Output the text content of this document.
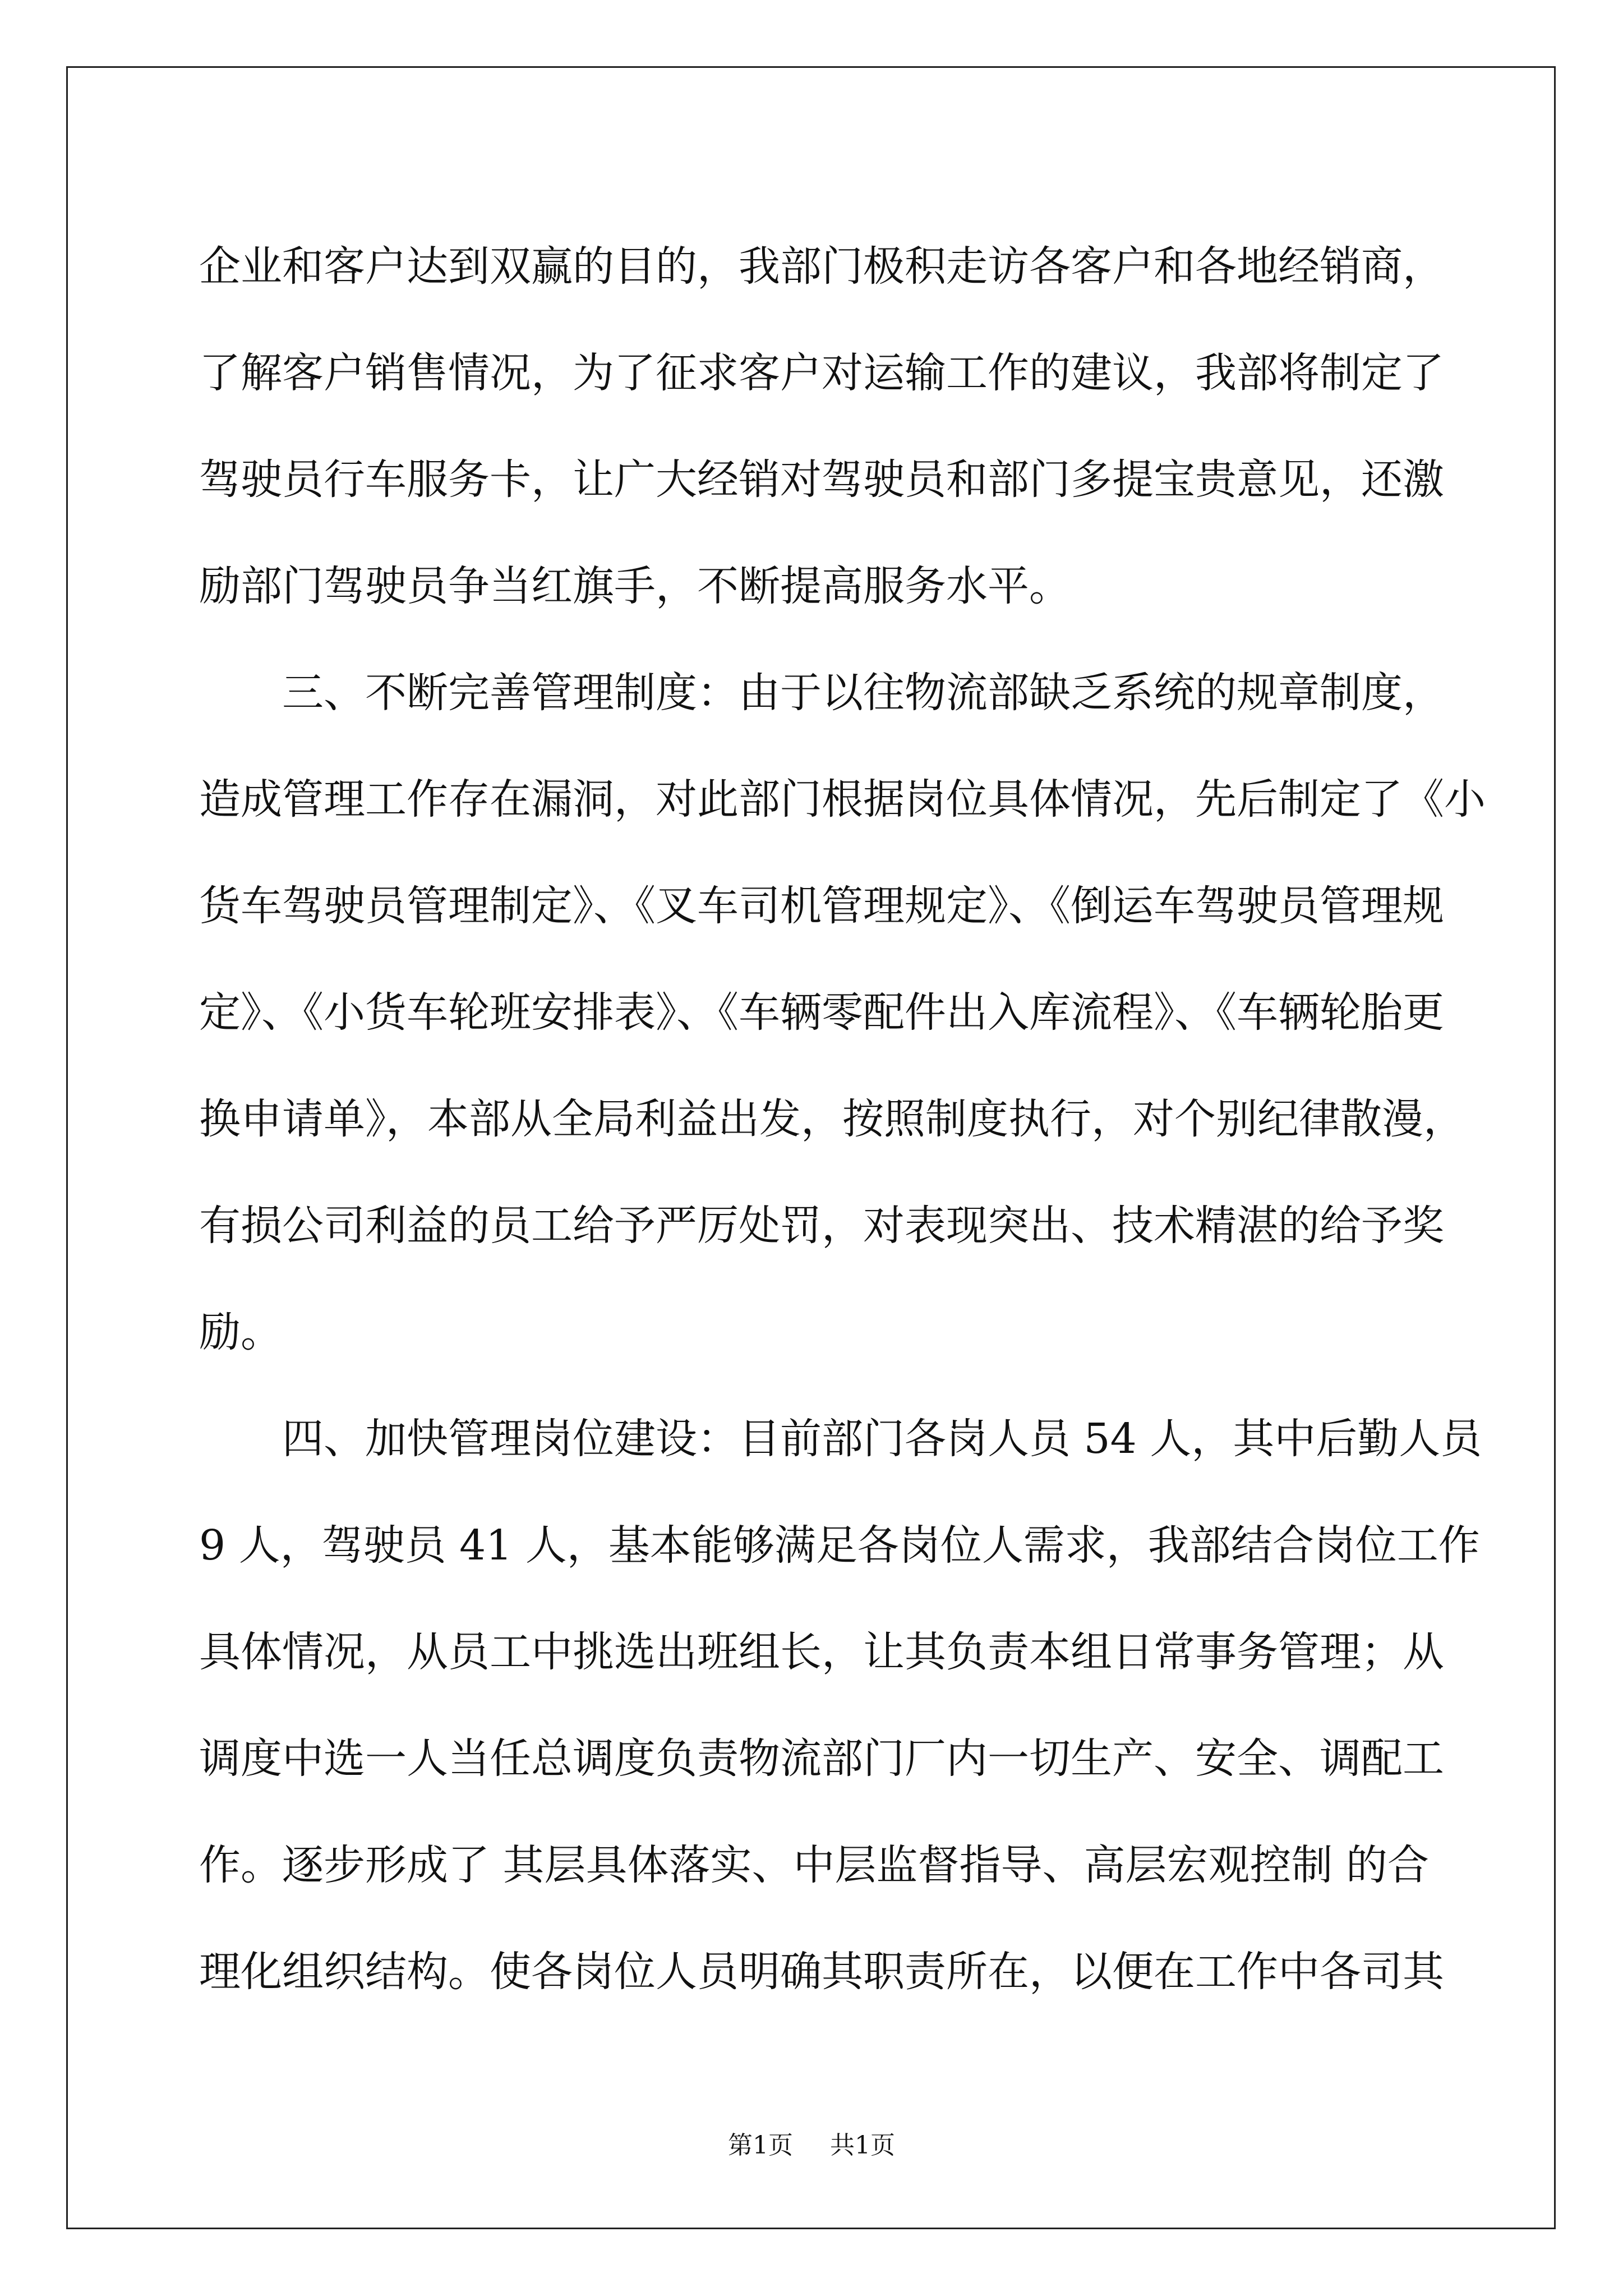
企业和客户达到双赢的目的，我部门极积走访各客户和各地经销商，
了解客户销售情况，为了征求客户对运输工作的建议，我部将制定了
驾驶员行车服务卡，让广大经销对驾驶员和部门多提宝贵意见，还激
励部门驾驶员争当红旗手，不断提高服务水平。
三、不断完善管理制度：由于以往物流部缺乏系统的规章制度，
造成管理工作存在漏洞，对此部门根据岗位具体情况，先后制定了《小
货车驾驶员管理制定》、《叉车司机管理规定》、《倒运车驾驶员管理规
定》、《小货车轮班安排表》、《车辆零配件出入库流程》、《车辆轮胎更
换申请单》，本部从全局利益出发，按照制度执行，对个别纪律散漫，
有损公司利益的员工给予严厉处罚，对表现突出、技术精湛的给予奖
励。
四、加快管理岗位建设：目前部门各岗人员 54 人，其中后勤人员
9 人，驾驶员 41 人，基本能够满足各岗位人需求，我部结合岗位工作
具体情况，从员工中挑选出班组长，让其负责本组日常事务管理；从
调度中选一人当任总调度负责物流部门厂内一切生产、安全、调配工
作。逐步形成了 其层具体落实、中层监督指导、高层宏观控制 的合
理化组织结构。使各岗位人员明确其职责所在，以便在工作中各司其
第1页 共1页
